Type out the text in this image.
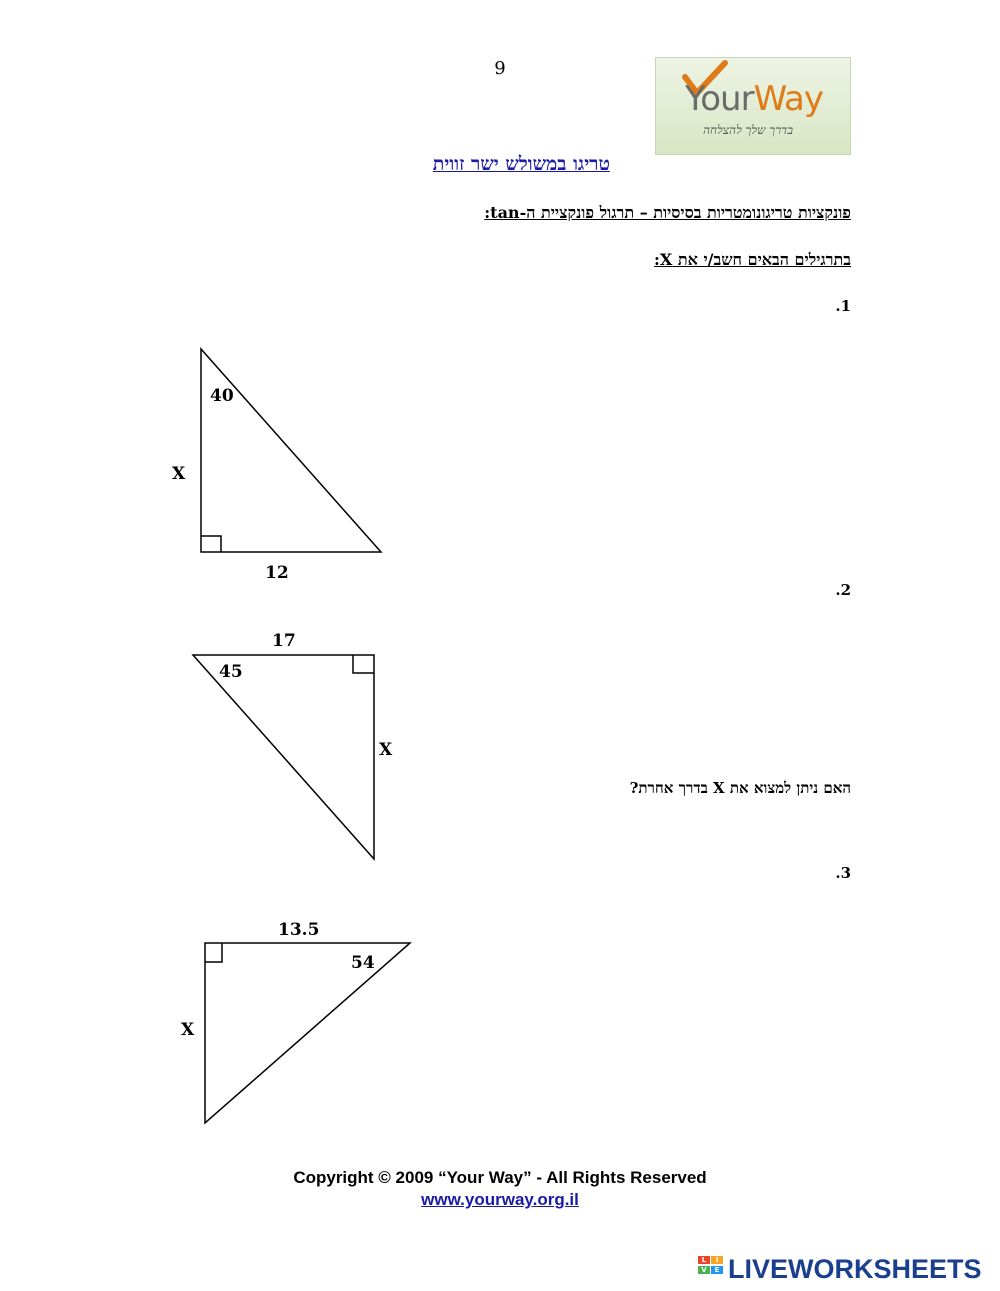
9
YourWay
בדרך שלך להצלחה
טריגו במשולש ישר זווית
פונקציות טריגונומטריות בסיסיות – תרגול פונקציית ה-tan:
בתרגילים הבאים חשב/י את X:
1.
2.
3.
האם ניתן למצוא את X בדרך אחרת?
40
X
12
17
45
X
13.5
54
X
Copyright © 2009 “Your Way” - All Rights Reserved
www.yourway.org.il
L	I
V	E LIVEWORKSHEETS
